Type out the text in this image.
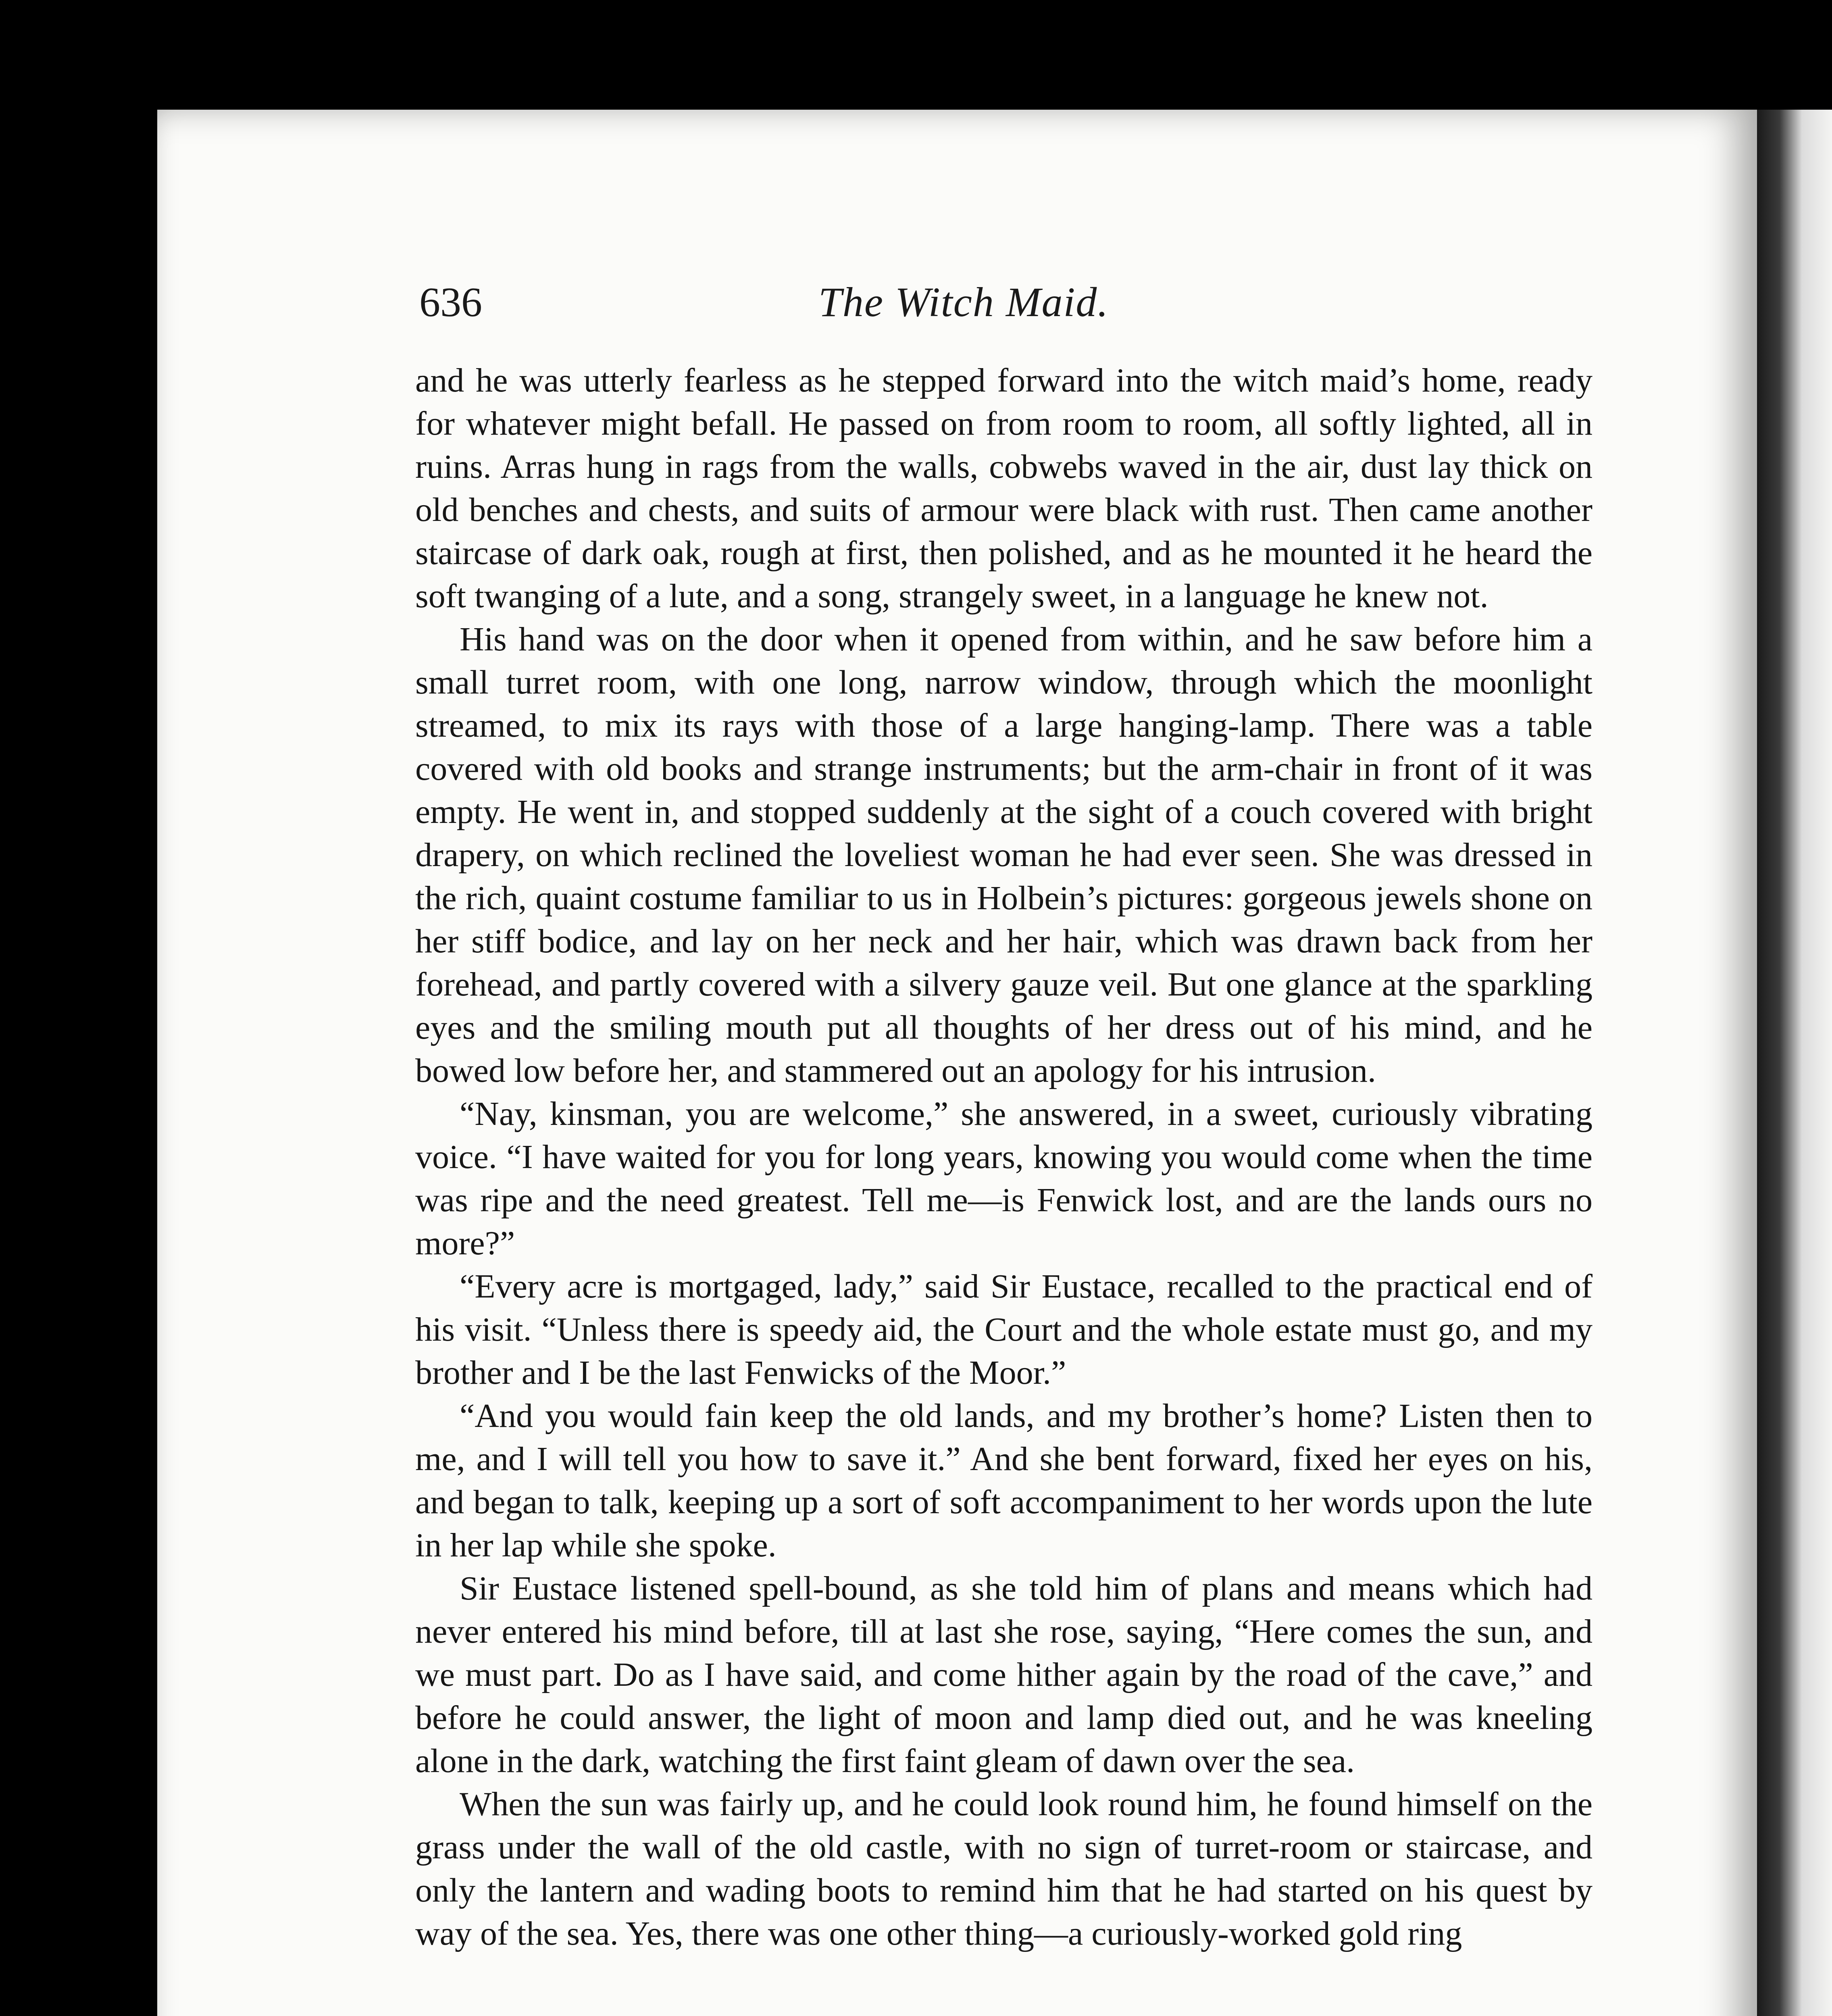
636	The Witch Maid.

and he was utterly fearless as he stepped forward into the witch maid’s home, ready for whatever might befall. He passed on from room to room, all softly lighted, all in ruins. Arras hung in rags from the walls, cobwebs waved in the air, dust lay thick on old benches and chests, and suits of armour were black with rust. Then came another staircase of dark oak, rough at first, then polished, and as he mounted it he heard the soft twanging of a lute, and a song, strangely sweet, in a language he knew not.

His hand was on the door when it opened from within, and he saw before him a small turret room, with one long, narrow window, through which the moonlight streamed, to mix its rays with those of a large hanging-lamp. There was a table covered with old books and strange instruments; but the arm-chair in front of it was empty. He went in, and stopped suddenly at the sight of a couch covered with bright drapery, on which reclined the loveliest woman he had ever seen. She was dressed in the rich, quaint costume familiar to us in Holbein’s pictures: gorgeous jewels shone on her stiff bodice, and lay on her neck and her hair, which was drawn back from her forehead, and partly covered with a silvery gauze veil. But one glance at the sparkling eyes and the smiling mouth put all thoughts of her dress out of his mind, and he bowed low before her, and stammered out an apology for his intrusion.

“Nay, kinsman, you are welcome,” she answered, in a sweet, curiously vibrating voice. “I have waited for you for long years, knowing you would come when the time was ripe and the need greatest. Tell me—is Fenwick lost, and are the lands ours no more?”

“Every acre is mortgaged, lady,” said Sir Eustace, recalled to the practical end of his visit. “Unless there is speedy aid, the Court and the whole estate must go, and my brother and I be the last Fenwicks of the Moor.”

“And you would fain keep the old lands, and my brother’s home? Listen then to me, and I will tell you how to save it.” And she bent forward, fixed her eyes on his, and began to talk, keeping up a sort of soft accompaniment to her words upon the lute in her lap while she spoke.

Sir Eustace listened spell-bound, as she told him of plans and means which had never entered his mind before, till at last she rose, saying, “Here comes the sun, and we must part. Do as I have said, and come hither again by the road of the cave,” and before he could answer, the light of moon and lamp died out, and he was kneeling alone in the dark, watching the first faint gleam of dawn over the sea.

When the sun was fairly up, and he could look round him, he found himself on the grass under the wall of the old castle, with no sign of turret-room or staircase, and only the lantern and wading boots to remind him that he had started on his quest by way of the sea. Yes, there was one other thing—a curiously-worked gold ring
